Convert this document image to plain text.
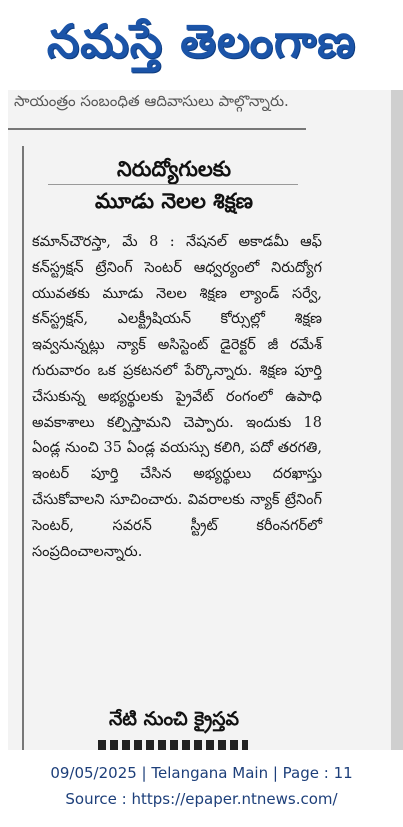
నమస్తే తెలంగాణ
సాయంత్రం సంబంధిత ఆదివాసులు పాల్గొన్నారు.
నిరుద్యోగులకు
మూడు నెలల శిక్షణ
కమాన్‌చౌరస్తా, మే 8 : నేషనల్ అకాడమీ ఆఫ్ కన్‌స్ట్రక్షన్ ట్రేనింగ్ సెంటర్ ఆధ్వర్యంలో నిరుద్యోగ యువతకు మూడు నెలల శిక్షణ ల్యాండ్ సర్వే, కన్‌స్ట్రక్షన్, ఎలక్ట్రీషియన్ కోర్సుల్లో శిక్షణ ఇవ్వనున్నట్లు న్యాక్ అసిస్టెంట్ డైరెక్టర్ జీ రమేశ్ గురువారం ఒక ప్రకటనలో పేర్కొన్నారు. శిక్షణ పూర్తి చేసుకున్న అభ్యర్థులకు ప్రైవేట్ రంగంలో ఉపాధి అవకాశాలు కల్పిస్తామని చెప్పారు. ఇందుకు 18 ఏండ్ల నుంచి 35 ఏండ్ల వయస్సు కలిగి, పదో తరగతి, ఇంటర్ పూర్తి చేసిన అభ్యర్థులు దరఖాస్తు చేసుకోవాలని సూచించారు. వివరాలకు న్యాక్ ట్రేనింగ్ సెంటర్, సవరన్ స్ట్రీట్ కరీంనగర్‌లో సంప్రదించాలన్నారు.
నేటి నుంచి క్రైస్తవ
09/05/2025 | Telangana Main | Page : 11
Source : https://epaper.ntnews.com/
